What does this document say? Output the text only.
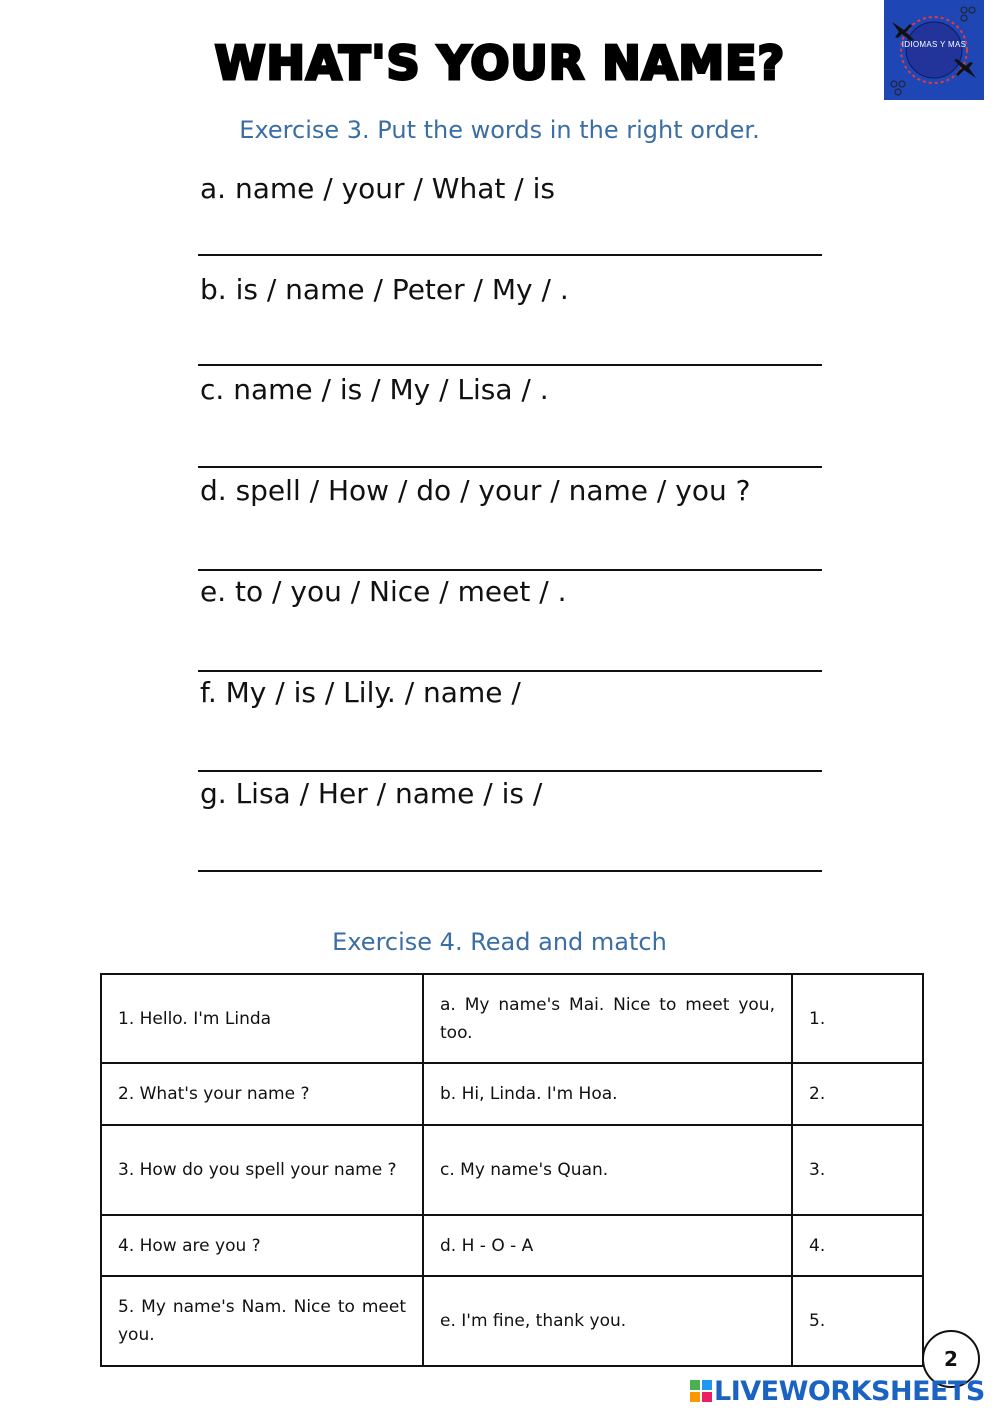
WHAT'S YOUR NAME?	IDIOMAS Y MAS
Exercise 3. Put the words in the right order.
a. name / your / What / is
b. is / name / Peter / My / .
c. name / is / My / Lisa / .
d. spell / How / do / your / name / you ?
e. to / you / Nice / meet / .
f. My / is / Lily. / name /
g. Lisa / Her / name / is /
Exercise 4. Read and match
1. Hello. I'm Linda	a. My name's Mai. Nice to meet you, too.	1.
2. What's your name ?	b. Hi, Linda. I'm Hoa.	2.
3. How do you spell your name ?	c. My name's Quan.	3.
4. How are you ?	d. H - O - A	4.
5. My name's Nam. Nice to meet you.	e. I'm fine, thank you.	5.
2
LIVEWORKSHEETS
